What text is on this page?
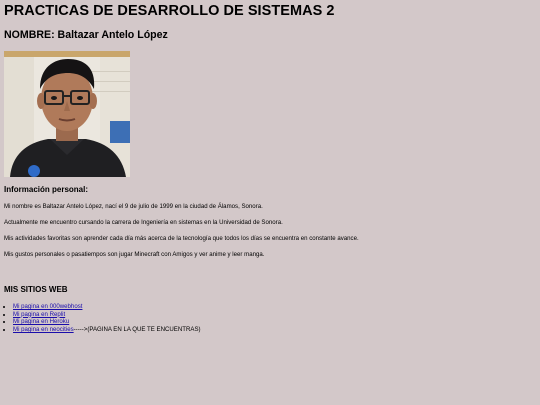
PRACTICAS DE DESARROLLO DE SISTEMAS 2
NOMBRE: Baltazar Antelo López
Información personal:

Mi nombre es Baltazar Antelo López, nací el 9 de julio de 1999 en la ciudad de Álamos, Sonora.

Actualmente me encuentro cursando la carrera de Ingeniería en sistemas en la Universidad de Sonora.

Mis actividades favoritas son aprender cada día más acerca de la tecnología que todos los días se encuentra en constante avance.

Mis gustos personales o pasatiempos son jugar Minecraft con Amigos y ver anime y leer manga.

MIS SITIOS WEB
• Mi pagina en 000webhost
• Mi pagina en Replit
• Mi pagina en Heroku
• Mi pagina en neocities----->(PAGINA EN LA QUE TE ENCUENTRAS)
